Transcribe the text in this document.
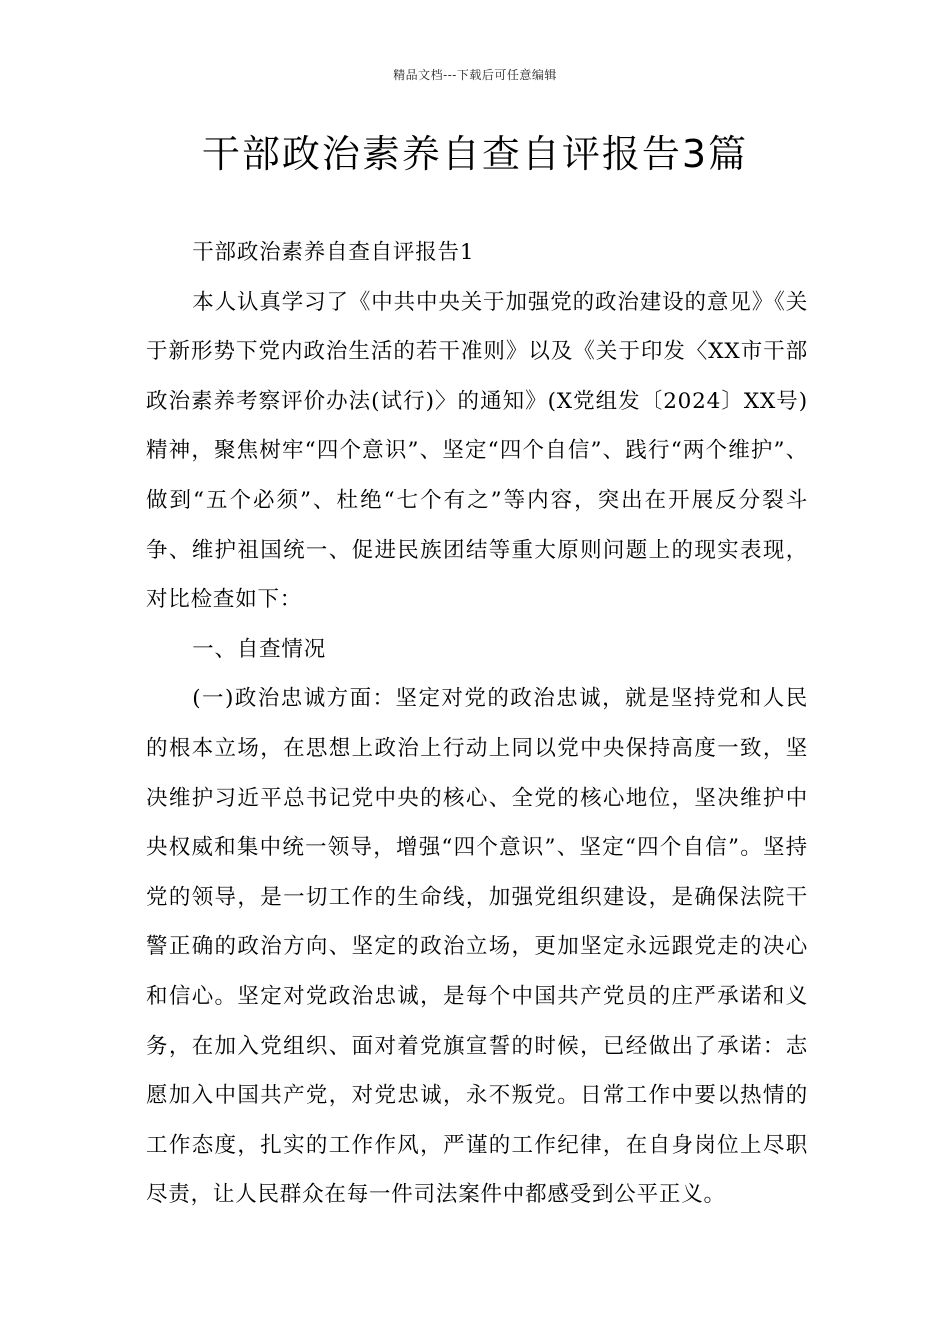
精品文档---下载后可任意编辑
干部政治素养自查自评报告3篇

干部政治素养自查自评报告1

本人认真学习了《中共中央关于加强党的政治建设的意见》《关于新形势下党内政治生活的若干准则》以及《关于印发〈XX市干部政治素养考察评价办法(试行)〉的通知》(X党组发〔2024〕XX号)精神，聚焦树牢“四个意识”、坚定“四个自信”、践行“两个维护”、做到“五个必须”、杜绝“七个有之”等内容，突出在开展反分裂斗争、维护祖国统一、促进民族团结等重大原则问题上的现实表现，对比检查如下：

一、自查情况

(一)政治忠诚方面：坚定对党的政治忠诚，就是坚持党和人民的根本立场，在思想上政治上行动上同以党中央保持高度一致，坚决维护习近平总书记党中央的核心、全党的核心地位，坚决维护中央权威和集中统一领导，增强“四个意识”、坚定“四个自信”。坚持党的领导，是一切工作的生命线，加强党组织建设，是确保法院干警正确的政治方向、坚定的政治立场，更加坚定永远跟党走的决心和信心。坚定对党政治忠诚，是每个中国共产党员的庄严承诺和义务，在加入党组织、面对着党旗宣誓的时候，已经做出了承诺：志愿加入中国共产党，对党忠诚，永不叛党。日常工作中要以热情的工作态度，扎实的工作作风，严谨的工作纪律，在自身岗位上尽职尽责，让人民群众在每一件司法案件中都感受到公平正义。
